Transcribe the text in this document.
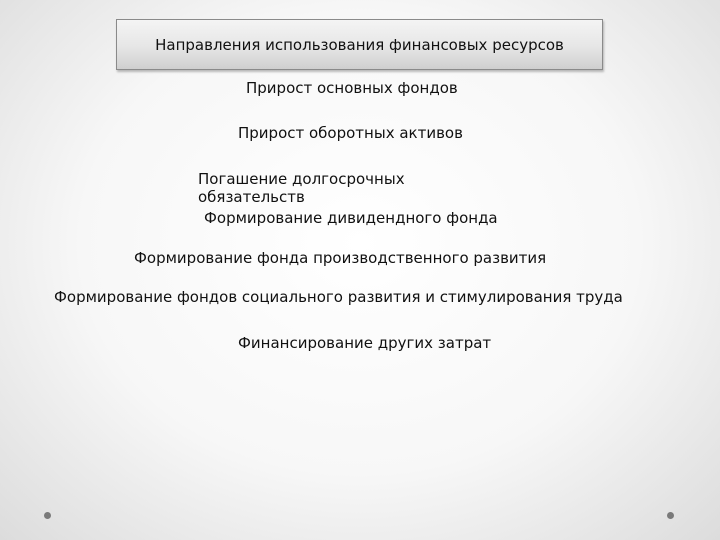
Направления использования финансовых ресурсов

Прирост основных фондов

Прирост оборотных активов

Погашение долгосрочных обязательств

Формирование дивидендного фонда

Формирование фонда производственного развития

Формирование фондов социального развития и стимулирования труда

Финансирование других затрат
